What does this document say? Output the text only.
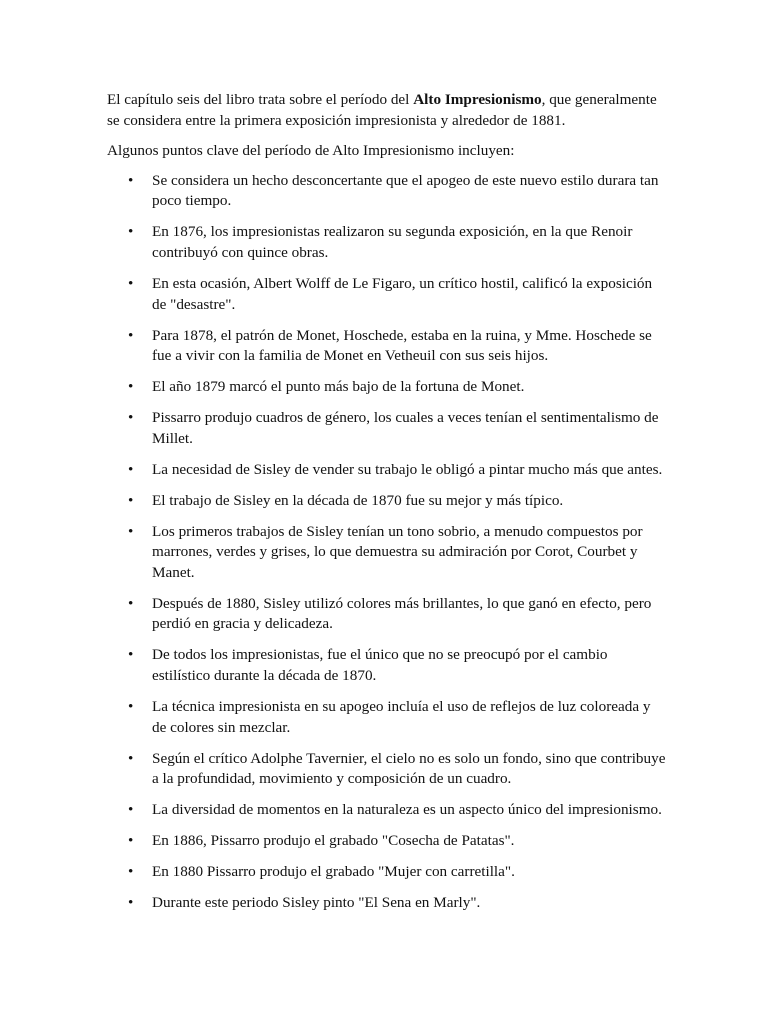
El capítulo seis del libro trata sobre el período del Alto Impresionismo, que generalmente se considera entre la primera exposición impresionista y alrededor de 1881.

Algunos puntos clave del período de Alto Impresionismo incluyen:

• Se considera un hecho desconcertante que el apogeo de este nuevo estilo durara tan poco tiempo.
• En 1876, los impresionistas realizaron su segunda exposición, en la que Renoir contribuyó con quince obras.
• En esta ocasión, Albert Wolff de Le Figaro, un crítico hostil, calificó la exposición de "desastre".
• Para 1878, el patrón de Monet, Hoschede, estaba en la ruina, y Mme. Hoschede se fue a vivir con la familia de Monet en Vetheuil con sus seis hijos.
• El año 1879 marcó el punto más bajo de la fortuna de Monet.
• Pissarro produjo cuadros de género, los cuales a veces tenían el sentimentalismo de Millet.
• La necesidad de Sisley de vender su trabajo le obligó a pintar mucho más que antes.
• El trabajo de Sisley en la década de 1870 fue su mejor y más típico.
• Los primeros trabajos de Sisley tenían un tono sobrio, a menudo compuestos por marrones, verdes y grises, lo que demuestra su admiración por Corot, Courbet y Manet.
• Después de 1880, Sisley utilizó colores más brillantes, lo que ganó en efecto, pero perdió en gracia y delicadeza.
• De todos los impresionistas, fue el único que no se preocupó por el cambio estilístico durante la década de 1870.
• La técnica impresionista en su apogeo incluía el uso de reflejos de luz coloreada y de colores sin mezclar.
• Según el crítico Adolphe Tavernier, el cielo no es solo un fondo, sino que contribuye a la profundidad, movimiento y composición de un cuadro.
• La diversidad de momentos en la naturaleza es un aspecto único del impresionismo.
• En 1886, Pissarro produjo el grabado "Cosecha de Patatas".
• En 1880 Pissarro produjo el grabado "Mujer con carretilla".
• Durante este periodo Sisley pinto "El Sena en Marly".
